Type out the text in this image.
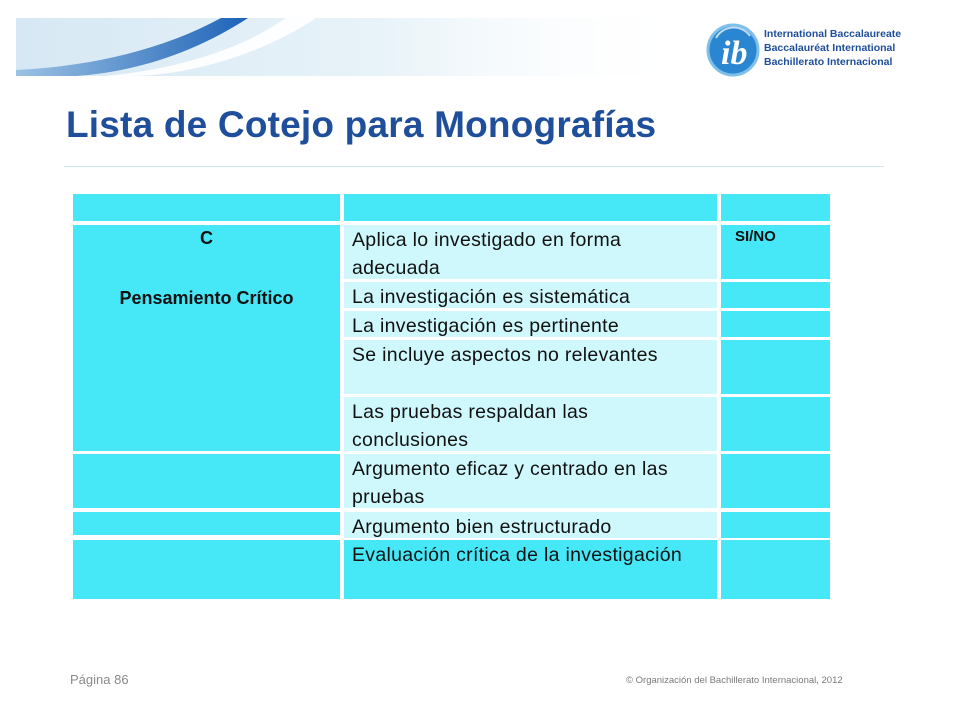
ib
International Baccalaureate
Baccalauréat International
Bachillerato Internacional
Lista de Cotejo para Monografías
C
Pensamiento Crítico
Aplica lo investigado en forma adecuada
La investigación es sistemática
La investigación es pertinente
Se incluye aspectos no relevantes
Las pruebas respaldan las conclusiones
Argumento eficaz y centrado en las pruebas
Argumento bien estructurado
Evaluación crítica de la investigación
SI/NO
Página 86	© Organización del Bachillerato Internacional, 2012
